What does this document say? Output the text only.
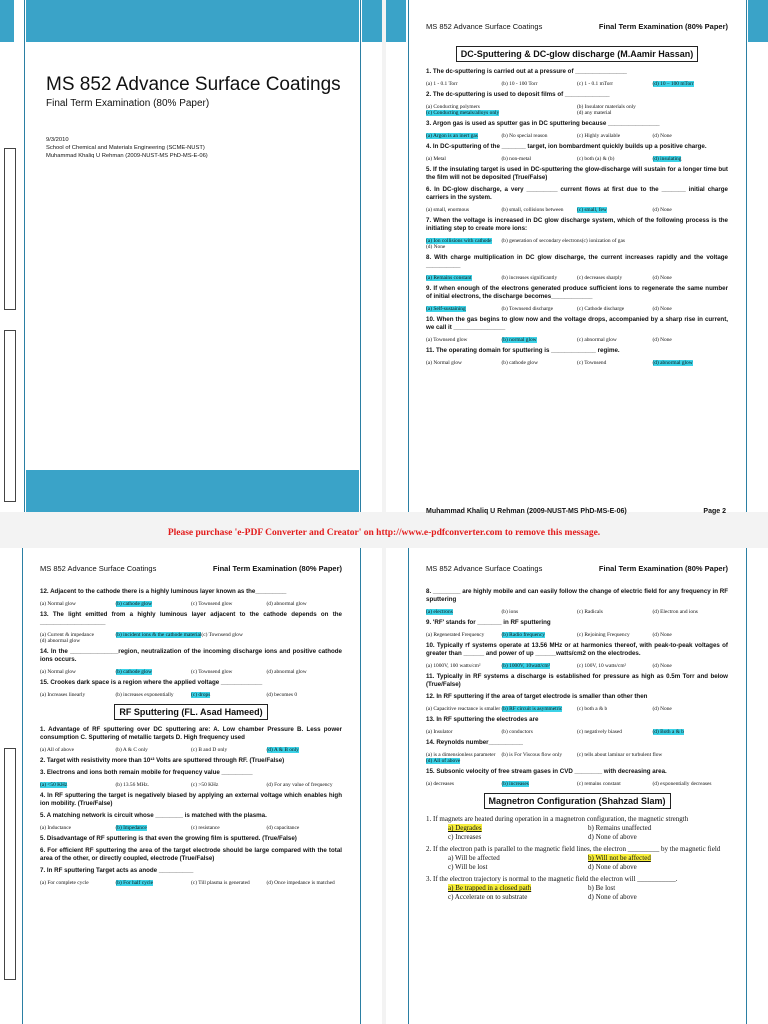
MS 852 Advance Surface Coatings
Final Term Examination (80% Paper)
9/3/2010
School of Chemical and Materials Engineering (SCME-NUST)
Muhammad Khaliq U Rehman (2009-NUST-MS PhD-MS-E-06)
MS 852 Advance Surface Coatings	Final Term Examination (80% Paper)
DC-Sputtering & DC-glow discharge (M.Aamir Hassan)
1. The dc-sputtering is carried out at a pressure of _______________
(a) 1 - 0.1 Torr	(b) 10 - 100 Torr	(c) 1 - 0.1 mTorr	(d) 10 – 100 mTorr
2. The dc-sputtering is used to deposit films of _____________
(a) Conducting polymers	(b) Insulator materials only
(c) Conducting metals/alloys only	(d) any material
3. Argon gas is used as sputter gas in DC sputtering because _______________
(a) Argon is an inert gas	(b) No special reason	(c) Highly available	(d) None
4. In DC-sputtering of the _______ target, ion bombardment quickly builds up a positive charge.
(a) Metal	(b) non-metal	(c) both (a) & (b)	(d) insulating
5. If the insulating target is used in DC-sputtering the glow-discharge will sustain for a longer time but the film will not be deposited (True/False)
6. In DC-glow discharge, a very _________ current flows at first due to the _______ initial charge carriers in the system.
(a) small, enormous	(b) small, collisions between	(c) small, few	(d) None
7. When the voltage is increased in DC glow discharge system, which of the following process is the initiating step to create more ions:
(a) Ion collisions with cathode	(b) generation of secondary electrons (c) ionization of gas
(d) None
8. With charge multiplication in DC glow discharge, the current increases rapidly and the voltage __________
(a) Remains constant	(b) increases significantly	(c) decreases sharply	(d) None
9. If when enough of the electrons generated produce sufficient ions to regenerate the same number of initial electrons, the discharge becomes____________
(a) Self-sustaining	(b) Townsend discharge	(c) Cathode discharge	(d) None
10. When the gas begins to glow now and the voltage drops, accompanied by a sharp rise in current, we call it _______________
(a) Townsend glow	(b) normal glow	(c) abnormal glow	(d) None
11. The operating domain for sputtering is _____________ regime.
(a) Normal glow	(b) cathode glow	(c) Townsend	(d) abnormal glow
Muhammad Khaliq U Rehman (2009-NUST-MS PhD-MS-E-06)	Page 2
Please purchase 'e-PDF Converter and Creator' on http://www.e-pdfconverter.com to remove this message.
MS 852 Advance Surface Coatings	Final Term Examination (80% Paper)
12. Adjacent to the cathode there is a highly luminous layer known as the_________
(a) Normal glow	(b) cathode glow	(c) Townsend glow	(d) abnormal glow
13. The light emitted from a highly luminous layer adjacent to the cathode depends on the ___________________
(a) Current & impedance	(b) incident ions & the cathode material (c) Townsend glow
(d) abnormal glow
14. In the ______________region, neutralization of the incoming discharge ions and positive cathode ions occurs.
(a) Normal glow	(b) cathode glow	(c) Townsend glow	(d) abnormal glow
15. Crookes dark space is a region where the applied voltage ____________
(a) Increases linearly	(b) increases exponentially	(c) drops	(d) becomes 0
RF Sputtering (FL. Asad Hameed)
1. Advantage of RF sputtering over DC sputtering are: A. Low chamber Pressure B. Less power consumption C. Sputtering of metallic targets D. High frequency used
(a) All of above	(b) A & C only	(c) B and D only	(d) A & B only
2. Target with resistivity more than 10¹² Volts are sputtered through RF. (True/False)
3. Electrons and ions both remain mobile for frequency value _________
(a) <50 KHz	(b) 13.56 MHz.	(c) >50 KHz	(d) For any value of frequency
4. In RF sputtering the target is negatively biased by applying an external voltage which enables high ion mobility. (True/False)
5. A matching network is circuit whose ________ is matched with the plasma.
(a) Inductance	(b) Impedance	(c) resistance	(d) capacitance
5. Disadvantage of RF sputtering is that even the growing film is sputtered. (True/False)
6. For efficient RF sputtering the area of the target electrode should be large compared with the total area of the other, or directly coupled, electrode (True/False)
7. In RF sputtering Target acts as anode __________
(a) For complete cycle	(b) For half cycle	(c) Till plasma is generated	(d) Once impedance is matched
MS 852 Advance Surface Coatings	Final Term Examination (80% Paper)
8. ________ are highly mobile and can easily follow the change of electric field for any frequency in RF sputtering
(a) electrons	(b) ions	(c) Radicals	(d) Electron and ions
9. 'RF' stands for _______ in RF sputtering
(a) Regenerated Frequency	(b) Radio frequency	(c) Rejoining Frequency	(d) None
10. Typically rf systems operate at 13.56 MHz or at harmonics thereof, with peak-to-peak voltages of greater than ______ and power of up ______watts/cm2 on the electrodes.
(a) 1000V, 100 watts/cm²	(b) 1000V, 10watt/cm²	(c) 100V, 10 watts/cm²	(d) None
11. Typically in RF systems a discharge is established for pressure as high as 0.5m Torr and below (True/False)
12. In RF sputtering if the area of target electrode is smaller than other then
(a) Capacitive reactance is smaller (b) RF circuit is asymmetric	(c) both a & b	(d) None
13. In RF sputtering the electrodes are
(a) Insulator	(b) conductors	(c) negatively biased	(d) Both a & b
14. Reynolds number__________
(a) is a dimensionless parameter	(b) is For Viscous flow only	(c) tells about laminar or turbulent flow
(d) All of above
15. Subsonic velocity of free stream gases in CVD ________ with decreasing area.
(a) decreases	(b) increases	(c) remains constant	(d) exponentially decreases
Magnetron Configuration (Shahzad Slam)
1. If magnets are heated during operation in a magnetron configuration, the magnetic strength
a) Degrades	b) Remains unaffected
c) Increases	d) None of above
2. If the electron path is parallel to the magnetic field lines, the electron _________ by the magnetic field
a) Will be affected	b) Will not be affected
c) Will be lost	d) None of above
3. If the electron trajectory is normal to the magnetic field the electron will ___________.
a) Be trapped in a closed path	b) Be lost
c) Accelerate on to substrate	d) None of above
